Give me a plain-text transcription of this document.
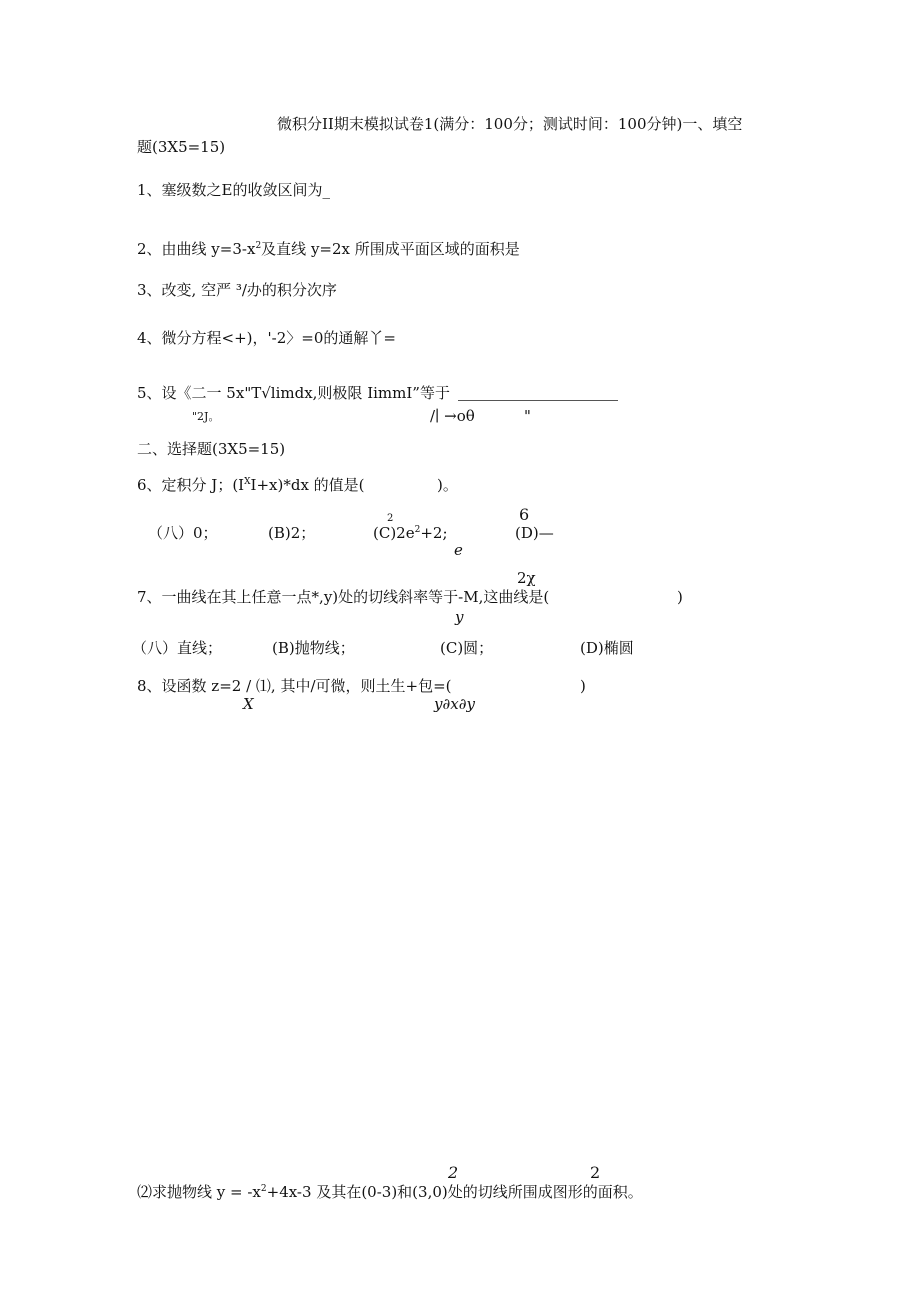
微积分II期末模拟试卷1(满分：100分；测试时间：100分钟)一、填空
题(3X5=15)
1、塞级数之E的收敛区间为_
2、由曲线 $y=3-x^2$及直线 y=2x 所围成平面区域的面积是
3、改变, 空严 ³/办的积分次序
4、微分方程<+)，'-2〉=0的通解丫=
5、设《二一 5x"T√limdx,则极限 IimmI”等于
"2J。	/∣ →oθ	"
二、选择题(3X5=15)
6、定积分 J；$(I^XI+x)*dx$ 的值是(	)。
6
（八）0；	(B)2；
2
$(C)2e^2+2$;	(D)—
e
2χ
7、一曲线在其上任意一点*,y)处的切线斜率等于-M,这曲线是(	)
y
（八）直线；	(B)抛物线；	(C)圆；	(D)椭圆
8、设函数 z=2 / ⑴, 其中/可微，则土生+包=(	)
X	y∂x∂y
2	2
⑵求抛物线 $y = -x^2+4x-3$ 及其在(0-3)和(3,0)处的切线所围成图形的面积。
